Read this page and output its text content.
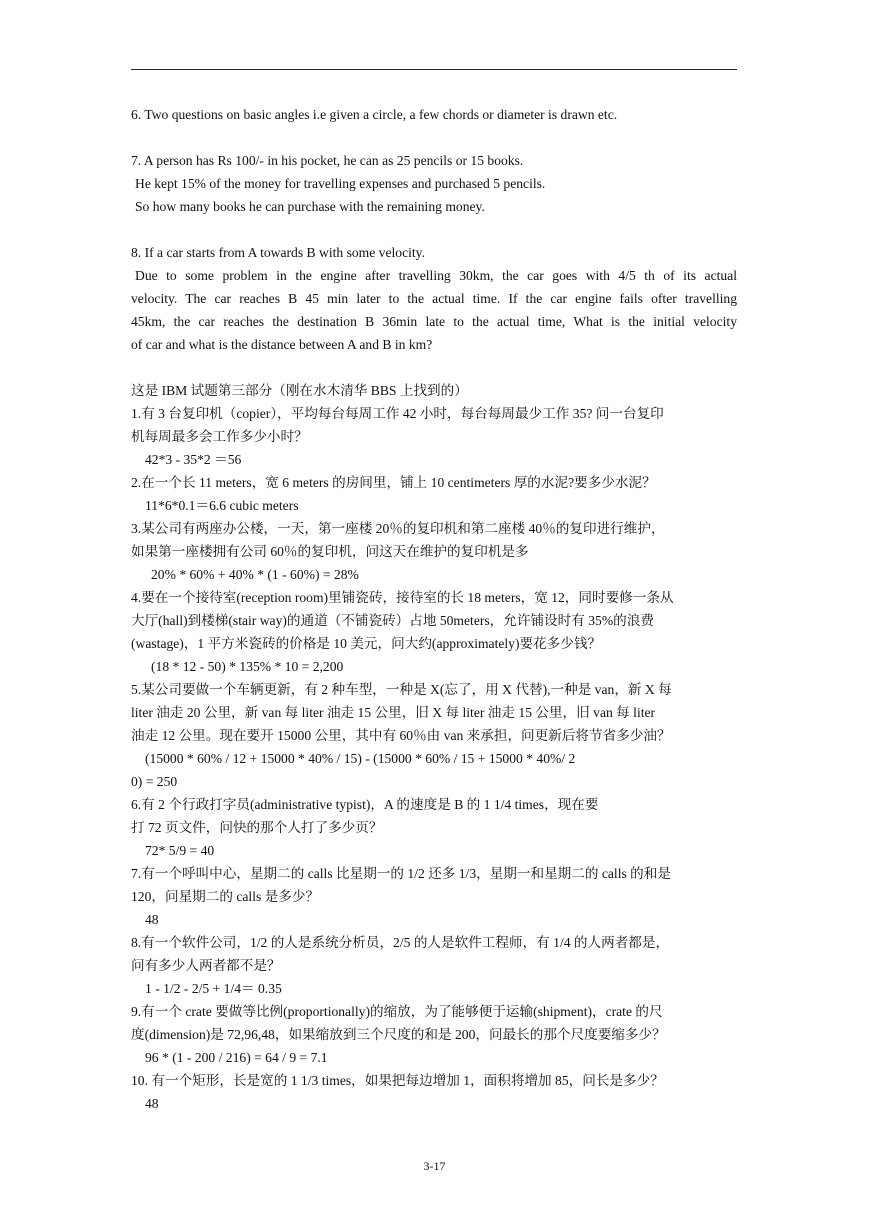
6. Two questions on basic angles i.e given a circle, a few chords or diameter is drawn etc.
7. A person has Rs 100/- in his pocket, he can as 25 pencils or 15 books.
He kept 15% of the money for travelling expenses and purchased 5 pencils.
So how many books he can purchase with the remaining money.
8. If a car starts from A towards B with some velocity.
Due to some problem in the engine after travelling 30km, the car goes with 4/5 th of its actual
velocity. The car reaches B 45 min later to the actual time. If the car engine fails ofter travelling
45km, the car reaches the destination B 36min late to the actual time, What is the initial velocity
of car and what is the distance between A and B in km?
这是 IBM 试题第三部分（刚在水木清华 BBS 上找到的）
1.有 3 台复印机（copier），平均每台每周工作 42 小时，每台每周最少工作 35? 问一台复印
机每周最多会工作多少小时？
42*3 - 35*2 ＝56
2.在一个长 11 meters，宽 6 meters 的房间里，铺上 10 centimeters 厚的水泥?要多少水泥？
11*6*0.1＝6.6 cubic meters
3.某公司有两座办公楼，一天，第一座楼 20％的复印机和第二座楼 40％的复印进行维护，
如果第一座楼拥有公司 60％的复印机，问这天在维护的复印机是多
20% * 60% + 40% * (1 - 60%) = 28%
4.要在一个接待室(reception room)里铺瓷砖，接待室的长 18 meters，宽 12，同时要修一条从
大厅(hall)到楼梯(stair way)的通道（不铺瓷砖）占地 50meters，允许铺设时有 35%的浪费
(wastage)，1 平方米瓷砖的价格是 10 美元，问大约(approximately)要花多少钱？
(18 * 12 - 50) * 135% * 10 = 2,200
5.某公司要做一个车辆更新，有 2 种车型，一种是 X(忘了，用 X 代替),一种是 van，新 X 每
liter 油走 20 公里，新 van 每 liter 油走 15 公里，旧 X 每 liter 油走 15 公里，旧 van 每 liter
油走 12 公里。现在要开 15000 公里，其中有 60％由 van 来承担，问更新后将节省多少油？
(15000 * 60% / 12 + 15000 * 40% / 15) - (15000 * 60% / 15 + 15000 * 40%/ 2
0) = 250
6.有 2 个行政打字员(administrative typist)，A 的速度是 B 的 1 1/4 times，现在要
打 72 页文件，问快的那个人打了多少页？
72* 5/9 = 40
7.有一个呼叫中心，星期二的 calls 比星期一的 1/2 还多 1/3，星期一和星期二的 calls 的和是
120，问星期二的 calls 是多少？
48
8.有一个软件公司，1/2 的人是系统分析员，2/5 的人是软件工程师，有 1/4 的人两者都是，
问有多少人两者都不是？
1 - 1/2 - 2/5 + 1/4＝ 0.35
9.有一个 crate 要做等比例(proportionally)的缩放，为了能够便于运输(shipment)，crate 的尺
度(dimension)是 72,96,48，如果缩放到三个尺度的和是 200，问最长的那个尺度要缩多少？
96 * (1 - 200 / 216) = 64 / 9 = 7.1
10. 有一个矩形，长是宽的 1 1/3 times，如果把每边增加 1，面积将增加 85，问长是多少？
48
3-17
